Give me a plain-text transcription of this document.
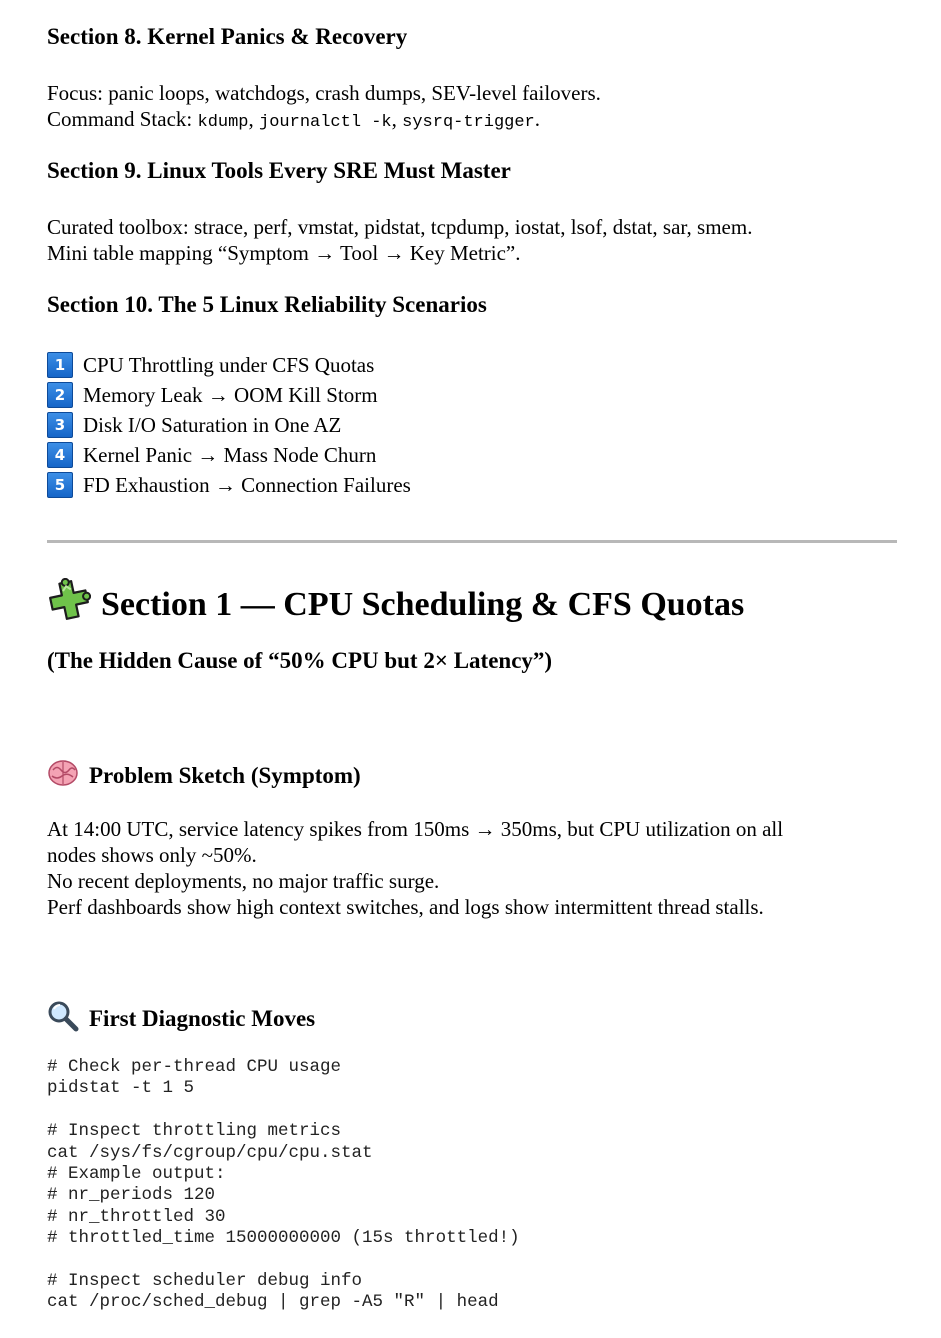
Section 8. Kernel Panics & Recovery

Focus: panic loops, watchdogs, crash dumps, SEV-level failovers.

Command Stack: kdump, journalctl -k, sysrq-trigger.

Section 9. Linux Tools Every SRE Must Master

Curated toolbox: strace, perf, vmstat, pidstat, tcpdump, iostat, lsof, dstat, sar, smem.

Mini table mapping “Symptom → Tool → Key Metric”.

Section 10. The 5 Linux Reliability Scenarios
1 CPU Throttling under CFS Quotas
2 Memory Leak → OOM Kill Storm
3 Disk I/O Saturation in One AZ
4 Kernel Panic → Mass Node Churn
5 FD Exhaustion → Connection Failures
Section 1 — CPU Scheduling & CFS Quotas
(The Hidden Cause of “50% CPU but 2× Latency”)
Problem Sketch (Symptom)

At 14:00 UTC, service latency spikes from 150ms → 350ms, but CPU utilization on all

nodes shows only ~50%.

No recent deployments, no major traffic surge.

Perf dashboards show high context switches, and logs show intermittent thread stalls.

First Diagnostic Moves
# Check per-thread CPU usage
pidstat -t 1 5
# Inspect throttling metrics
cat /sys/fs/cgroup/cpu/cpu.stat
# Example output:
# nr_periods 120
# nr_throttled 30
# throttled_time 15000000000 (15s throttled!)
# Inspect scheduler debug info
cat /proc/sched_debug | grep -A5 "R" | head
